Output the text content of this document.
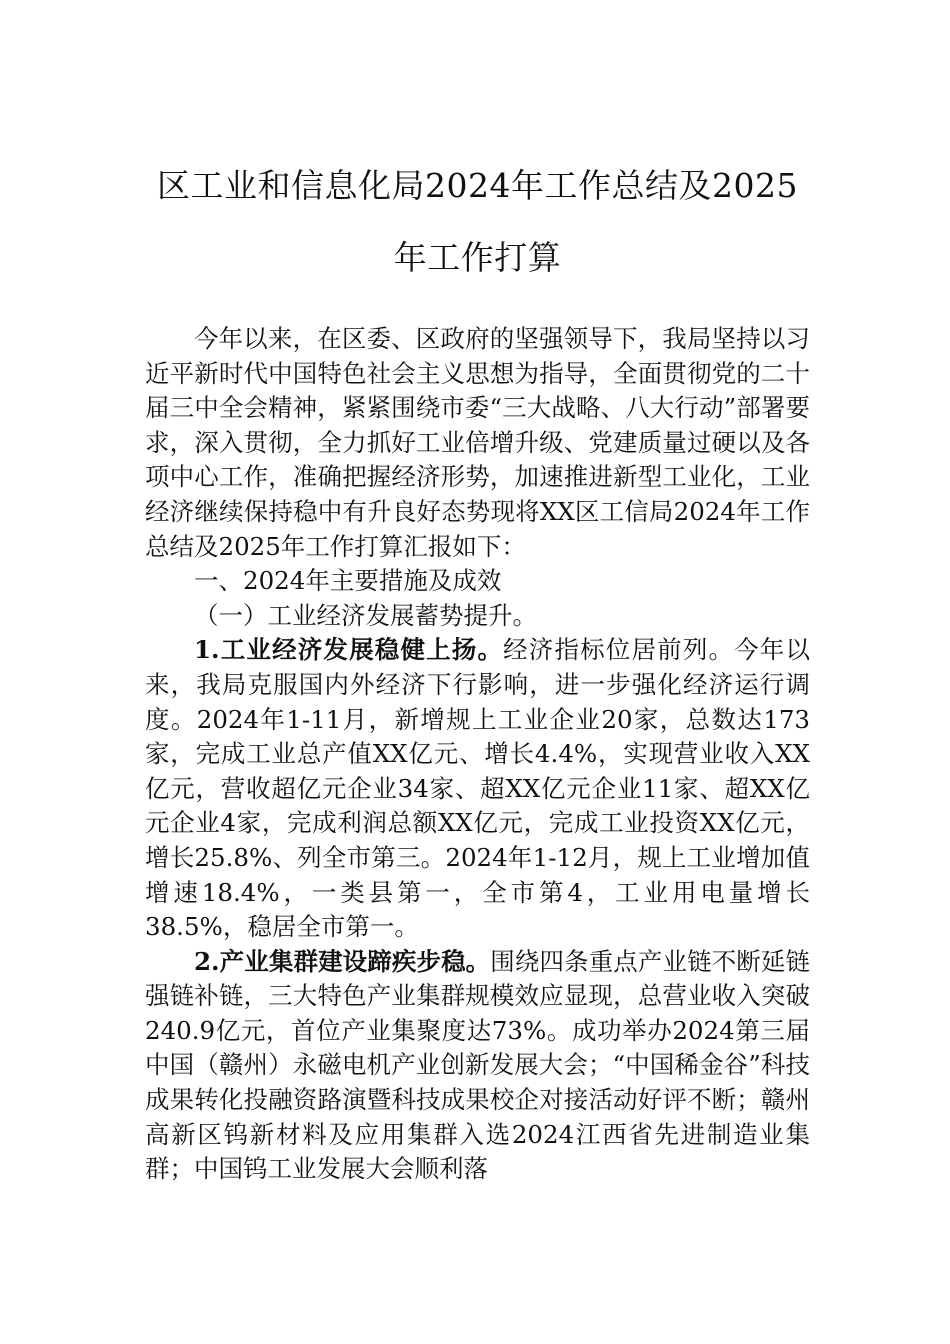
区工业和信息化局2024年工作总结及2025
年工作打算

今年以来，在区委、区政府的坚强领导下，我局坚持以习近平新时代中国特色社会主义思想为指导，全面贯彻党的二十届三中全会精神，紧紧围绕市委“三大战略、八大行动”部署要求，深入贯彻，全力抓好工业倍增升级、党建质量过硬以及各项中心工作，准确把握经济形势，加速推进新型工业化，工业经济继续保持稳中有升良好态势现将XX区工信局2024年工作总结及2025年工作打算汇报如下：

一、2024年主要措施及成效

（一）工业经济发展蓄势提升。

1.工业经济发展稳健上扬。经济指标位居前列。今年以来，我局克服国内外经济下行影响，进一步强化经济运行调度。2024年1-11月，新增规上工业企业20家，总数达173家，完成工业总产值XX亿元、增长4.4%，实现营业收入XX亿元，营收超亿元企业34家、超XX亿元企业11家、超XX亿元企业4家，完成利润总额XX亿元，完成工业投资XX亿元，增长25.8%、列全市第三。2024年1-12月，规上工业增加值增速18.4%，一类县第一，全市第4，工业用电量增长38.5%，稳居全市第一。

2.产业集群建设蹄疾步稳。围绕四条重点产业链不断延链强链补链，三大特色产业集群规模效应显现，总营业收入突破240.9亿元，首位产业集聚度达73%。成功举办2024第三届中国（赣州）永磁电机产业创新发展大会；“中国稀金谷”科技成果转化投融资路演暨科技成果校企对接活动好评不断；赣州高新区钨新材料及应用集群入选2024江西省先进制造业集群；中国钨工业发展大会顺利落
